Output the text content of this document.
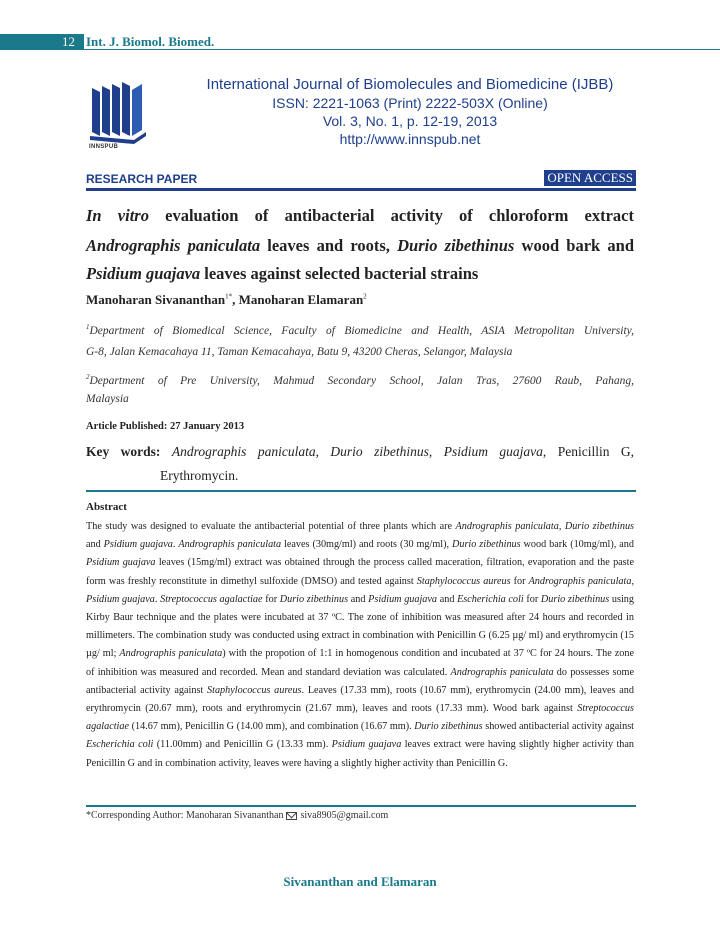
12 Int. J. Biomol. Biomed.
INNSPUB
International Journal of Biomolecules and Biomedicine (IJBB)
ISSN: 2221-1063 (Print) 2222-503X (Online)
Vol. 3, No. 1, p. 12-19, 2013
http://www.innspub.net
RESEARCH PAPER	OPEN ACCESS
In vitro evaluation of antibacterial activity of chloroform extract
Andrographis paniculata leaves and roots, Durio zibethinus wood bark and
Psidium guajava leaves against selected bacterial strains
Manoharan Sivananthan$^{1*}$, Manoharan Elamaran$^2$
$^1$Department of Biomedical Science, Faculty of Biomedicine and Health, ASIA Metropolitan University,
G-8, Jalan Kemacahaya 11, Taman Kemacahaya, Batu 9, 43200 Cheras, Selangor, Malaysia
$^2$Department of Pre University, Mahmud Secondary School, Jalan Tras, 27600 Raub, Pahang,
Malaysia
Article Published: 27 January 2013
Key words: Andrographis paniculata, Durio zibethinus, Psidium guajava, Penicillin G,
Erythromycin.
Abstract
The study was designed to evaluate the antibacterial potential of three plants which are Andrographis paniculata, Durio zibethinus and Psidium guajava. Andrographis paniculata leaves (30mg/ml) and roots (30 mg/ml), Durio zibethinus wood bark (10mg/ml), and Psidium guajava leaves (15mg/ml) extract was obtained through the process called maceration, filtration, evaporation and the paste form was freshly reconstitute in dimethyl sulfoxide (DMSO) and tested against Staphylococcus aureus for Andrographis paniculata, Psidium guajava. Streptococcus agalactiae for Durio zibethinus and Psidium guajava and Escherichia coli for Durio zibethinus using Kirby Baur technique and the plates were incubated at 37 ºC. The zone of inhibition was measured after 24 hours and recorded in millimeters. The combination study was conducted using extract in combination with Penicillin G (6.25 µg/ ml) and erythromycin (15 µg/ ml; Andrographis paniculata) with the propotion of 1:1 in homogenous condition and incubated at 37 ºC for 24 hours. The zone of inhibition was measured and recorded. Mean and standard deviation was calculated. Andrographis paniculata do possesses some antibacterial activity against Staphylococcus aureus. Leaves (17.33 mm), roots (10.67 mm), erythromycin (24.00 mm), leaves and erythromycin (20.67 mm), roots and erythromycin (21.67 mm), leaves and roots (17.33 mm). Wood bark against Streptococcus agalactiae (14.67 mm), Penicillin G (14.00 mm), and combination (16.67 mm). Durio zibethinus showed antibacterial activity against Escherichia coli (11.00mm) and Penicillin G (13.33 mm). Psidium guajava leaves extract were having slightly higher activity than Penicillin G and in combination activity, leaves were having a slightly higher activity than Penicillin G.
*Corresponding Author: Manoharan Sivananthan siva8905@gmail.com
Sivananthan and Elamaran
